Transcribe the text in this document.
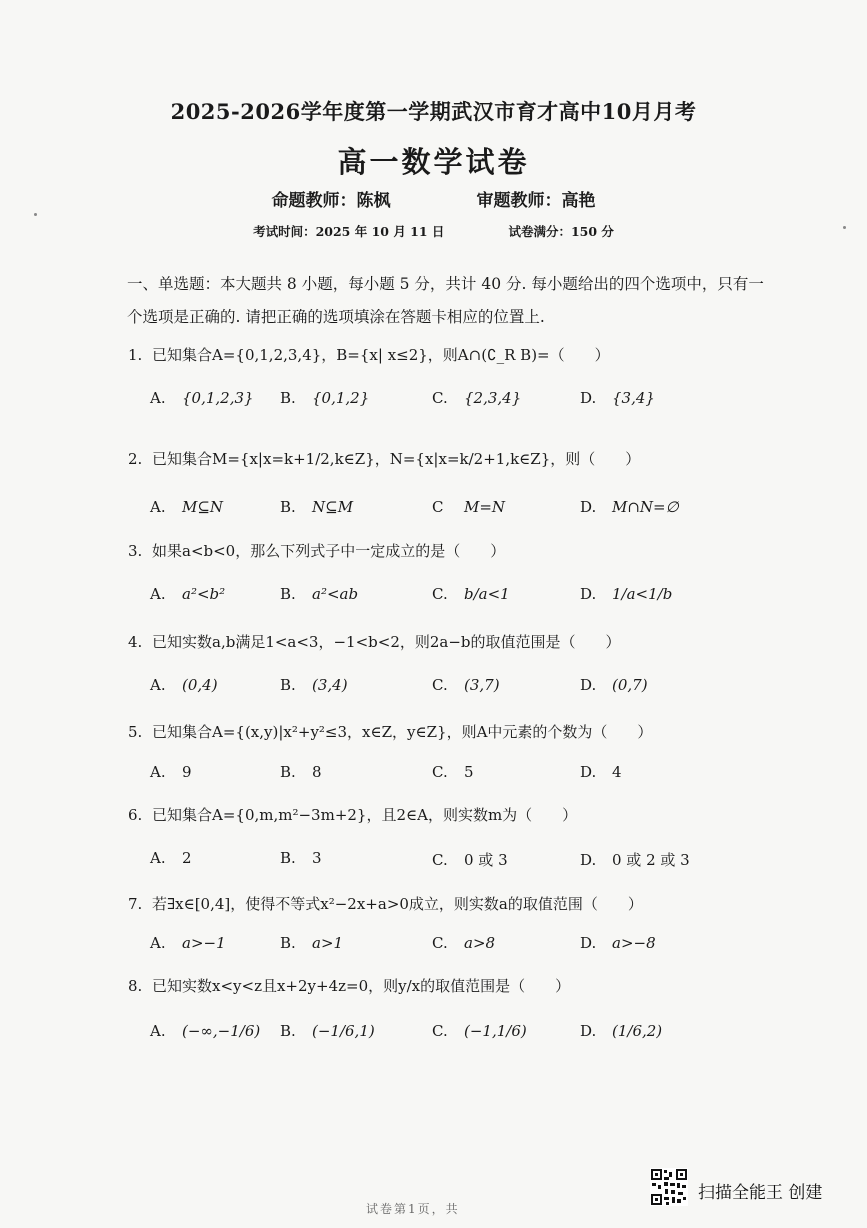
2025-2026学年度第一学期武汉市育才高中10月月考
高一数学试卷
命题教师：陈枫	审题教师：高艳
考试时间：2025 年 10 月 11 日	试卷满分：150 分
一、单选题：本大题共 8 小题，每小题 5 分，共计 40 分. 每小题给出的四个选项中，只有一个选项是正确的. 请把正确的选项填涂在答题卡相应的位置上.
1. 已知集合A={0,1,2,3,4}，B={x| x≤2}，则A∩(∁_R B)=（　　）
A. {0,1,2,3} B. {0,1,2}	C. {2,3,4}	D. {3,4}
2. 已知集合M={x|x=k+1/2,k∈Z}，N={x|x=k/2+1,k∈Z}，则（　　）
A. M⊆N	B. N⊆M	C M=N	D. M∩N=∅
3. 如果a<b<0，那么下列式子中一定成立的是（　　）
A. a²<b²	B. a²<ab	C. b/a<1	D. 1/a<1/b
4. 已知实数a,b满足1<a<3，−1<b<2，则2a−b的取值范围是（　　）
A. (0,4)	B. (3,4)	C. (3,7)	D. (0,7)
5. 已知集合A={(x,y)|x²+y²≤3，x∈Z，y∈Z}，则A中元素的个数为（　　）
A. 9	B. 8	C. 5	D. 4
6. 已知集合A={0,m,m²−3m+2}，且2∈A，则实数m为（　　）
A. 2	B. 3	C. 0 或 3	D. 0 或 2 或 3
7. 若∃x∈[0,4]，使得不等式x²−2x+a>0成立，则实数a的取值范围（　　）
A. a>−1	B. a>1	C. a>8	D. a>−8
8. 已知实数x<y<z且x+2y+4z=0，则y/x的取值范围是（　　）
A. (−∞,−1/6) B. (−1/6,1)	C. (−1,1/6)	D. (1/6,2)
试卷第1页，共
扫描全能王 创建
